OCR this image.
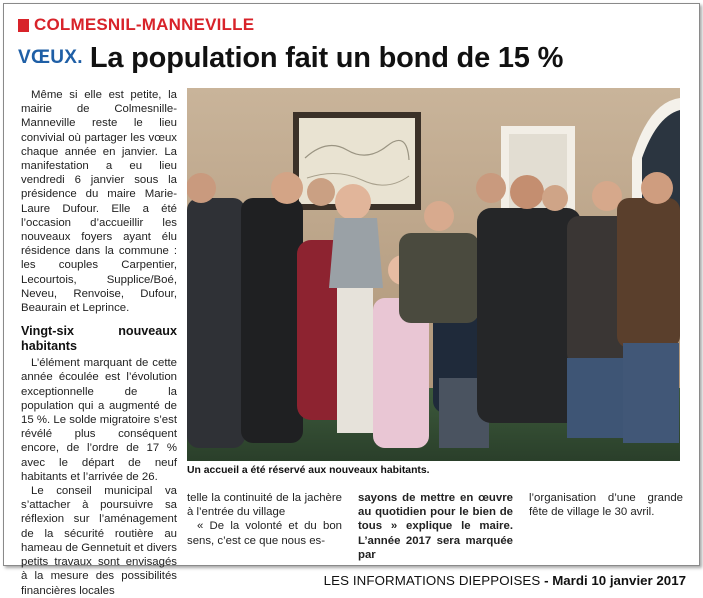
COLMESNIL-MANNEVILLE
VŒUX. La population fait un bond de 15 %

Même si elle est petite, la mairie de Colmesnille-Manneville reste le lieu convivial où partager les vœux chaque année en janvier. La manifestation a eu lieu vendredi 6 janvier sous la présidence du maire Marie-Laure Dufour. Elle a été l’occasion d’accueillir les nouveaux foyers ayant élu résidence dans la commune : les couples Carpentier, Lecourtois, Supplice/Boé, Neveu, Renvoise, Dufour, Beaurain et Leprince.

Vingt-six nouveaux habitants

L’élément marquant de cette année écoulée est l’évolution exceptionnelle de la population qui a augmenté de 15 %. Le solde migratoire s’est révélé plus conséquent encore, de l’ordre de 17 % avec le départ de neuf habitants et l’arrivée de 26.

Le conseil municipal va s’attacher à poursuivre sa réflexion sur l’aménagement de la sécurité routière au hameau de Gennetuit et divers petits travaux sont envisagés à la mesure des possibilités financières locales

Un accueil a été réservé aux nouveaux habitants.

telle la continuité de la jachère à l’entrée du village

« De la volonté et du bon sens, c’est ce que nous es-

sayons de mettre en œuvre au quotidien pour le bien de tous » explique le maire. L’année 2017 sera marquée par

l’organisation d’une grande fête de village le 30 avril.

LES INFORMATIONS DIEPPOISES - Mardi 10 janvier 2017
